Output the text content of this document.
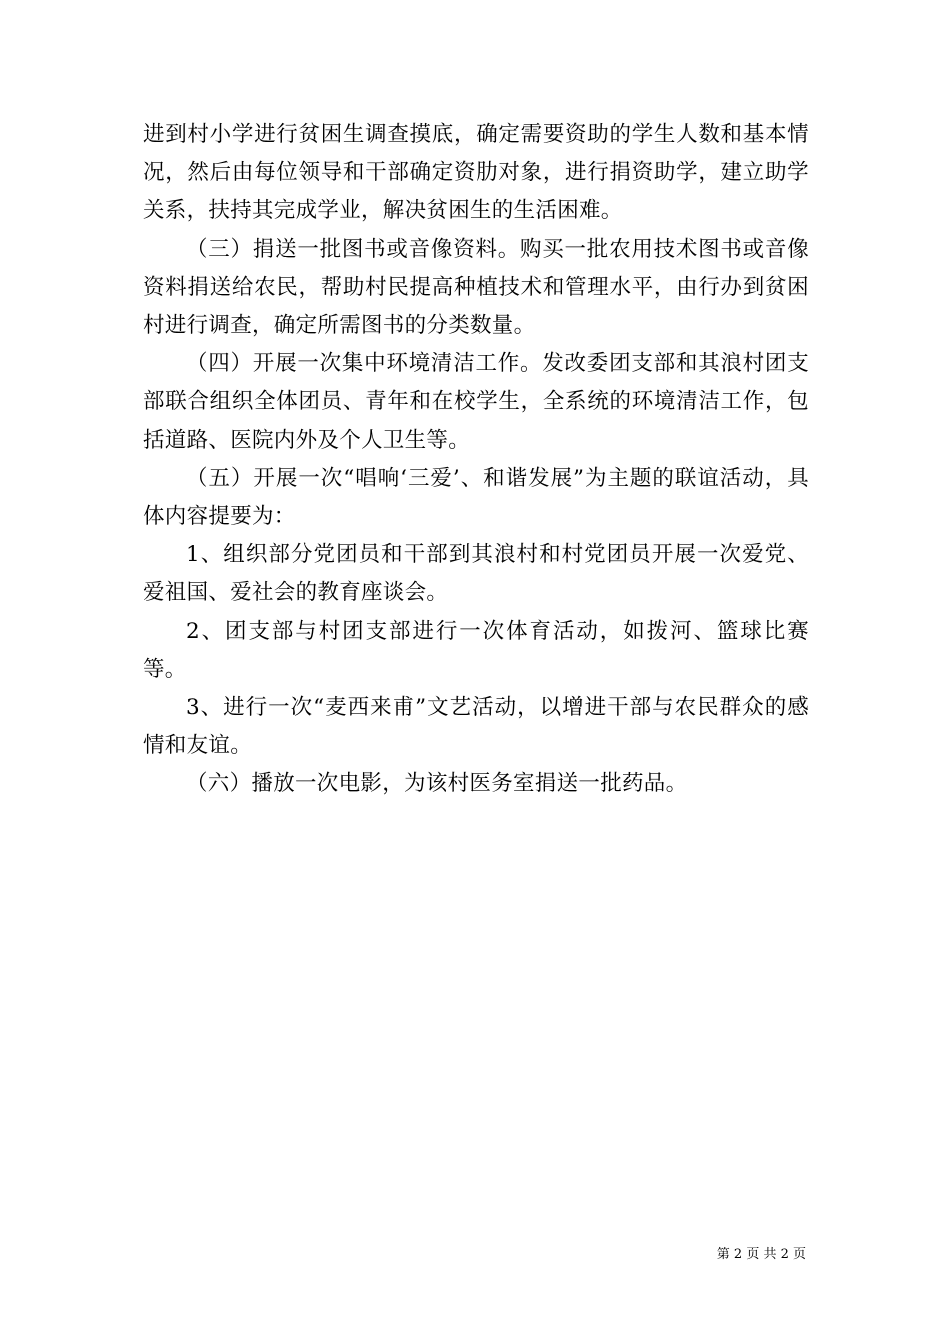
进到村小学进行贫困生调查摸底，确定需要资助的学生人数和基本情况，然后由每位领导和干部确定资肋对象，进行捐资助学，建立助学关系，扶持其完成学业，解决贫困生的生活困难。

（三）捐送一批图书或音像资料。购买一批农用技术图书或音像资料捐送给农民，帮助村民提高种植技术和管理水平，由行办到贫困村进行调查，确定所需图书的分类数量。

（四）开展一次集中环境清洁工作。发改委团支部和其浪村团支部联合组织全体团员、青年和在校学生，全系统的环境清洁工作，包括道路、医院内外及个人卫生等。

（五）开展一次“唱响‘三爱’、和谐发展”为主题的联谊活动，具体内容提要为：

1、组织部分党团员和干部到其浪村和村党团员开展一次爱党、爱祖国、爱社会的教育座谈会。

2、团支部与村团支部进行一次体育活动，如拨河、篮球比赛等。

3、进行一次“麦西来甫”文艺活动，以增进干部与农民群众的感情和友谊。

（六）播放一次电影，为该村医务室捐送一批药品。

第 2 页 共 2 页
